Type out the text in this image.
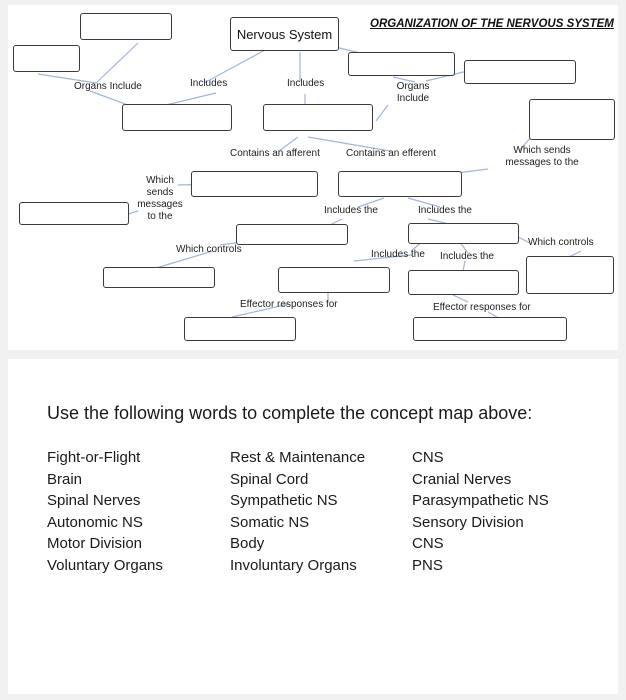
ORGANIZATION OF THE NERVOUS SYSTEM
Nervous System
Organs Include	Includes	Includes	Organs Include
Contains an afferent	Contains an efferent	Which sends messages to the
Which sends messages to the
Includes the	Includes the
Which controls	Includes the Includes the
Which controls
Effector responses for	Effector responses for
Use the following words to complete the concept map above:
Fight-or-Flight
Brain
Spinal Nerves
Autonomic NS
Motor Division
Voluntary Organs
Rest & Maintenance
Spinal Cord
Sympathetic NS
Somatic NS
Body
Involuntary Organs
CNS
Cranial Nerves
Parasympathetic NS
Sensory Division
CNS
PNS
